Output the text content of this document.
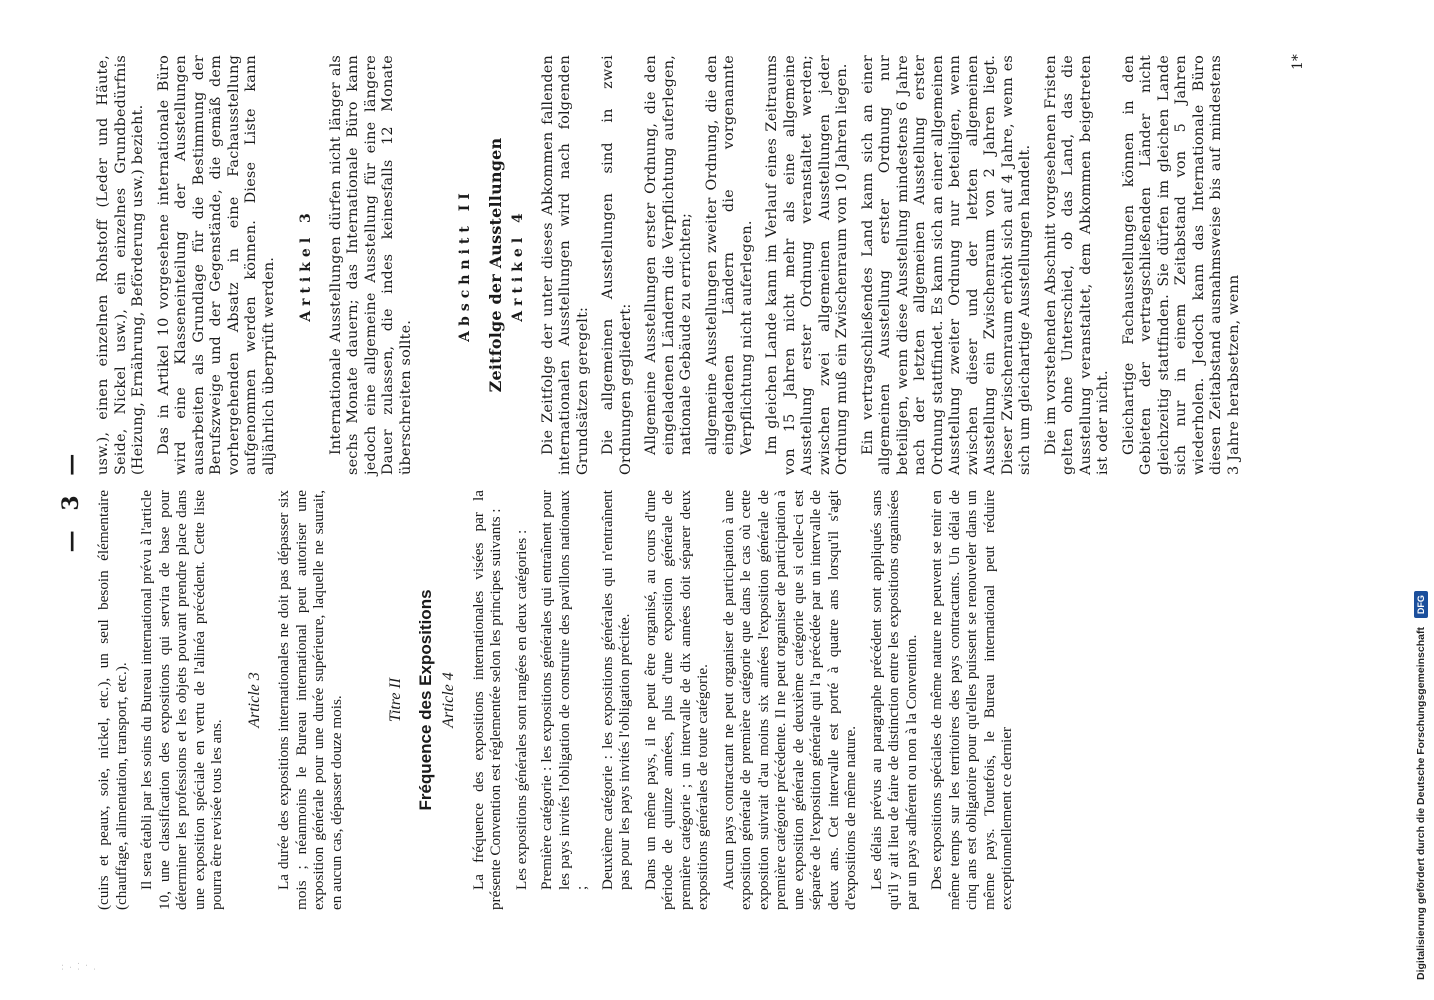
· ·
·
·  ·
·
·
— 3 — (cuirs et peaux, soie, nickel, etc.), un seul besoin élémentaire (chauffage, alimentation, transport, etc.). Il sera établi par les soins du Bureau international prévu à l'article 10, une classification des expositions qui servira de base pour déterminer les professions et les objets pouvant prendre place dans une exposition spéciale en vertu de l'alinéa précédent. Cette liste pourra être revisée tous les ans.

Article 3 La durée des expositions internationales ne doit pas dépasser six mois ; néanmoins le Bureau international peut autoriser une exposition générale pour une durée supérieure, laquelle ne saurait, en aucun cas, dépasser douze mois.	Titre II Fréquence des Expositions Article 4 La fréquence des expositions internationales visées par la présente Convention est réglementée selon les principes suivants : Les expositions générales sont rangées en deux catégories : Première catégorie : les expositions générales qui entraînent pour les pays invités l'obligation de construire des pavillons nationaux ; Deuxième catégorie : les expositions générales qui n'entraînent pas pour les pays invités l'obligation précitée. Dans un même pays, il ne peut être organisé, au cours d'une période de quinze années, plus d'une exposition générale de première catégorie ; un intervalle de dix années doit séparer deux expositions générales de toute catégorie. Aucun pays contractant ne peut organiser de participation à une exposition générale de première catégorie que dans le cas où cette exposition suivrait d'au moins six années l'exposition générale de première catégorie précédente. Il ne peut organiser de participation à une exposition générale de deuxième catégorie que si celle-ci est séparée de l'exposition générale qui l'a précédée par un intervalle de deux ans. Cet intervalle est porté à quatre ans lorsqu'il s'agit d'expositions de même nature. Les délais prévus au paragraphe précédent sont appliqués sans qu'il y ait lieu de faire de distinction entre les expositions organisées par un pays adhérent ou non à la Convention. Des expositions spéciales de même nature ne peuvent se tenir en même temps sur les territoires des pays contractants. Un délai de cinq ans est obligatoire pour qu'elles puissent se renouveler dans un même pays. Toutefois, le Bureau international peut réduire exceptionnellement ce dernier

usw.), einen einzelnen Rohstoff (Leder und Häute, Seide, Nickel usw.), ein einzelnes Grundbedürfnis (Heizung, Ernährung, Beförderung usw.) bezieht. Das in Artikel 10 vorgesehene internationale Büro wird eine Klasseneinteilung der Ausstellungen ausarbeiten als Grundlage für die Bestimmung der Berufszweige und der Gegenstände, die gemäß dem vorhergehenden Absatz in eine Fachausstellung aufgenommen werden können. Diese Liste kann alljährlich überprüft werden. Artikel 3 Internationale Ausstellungen dürfen nicht länger als sechs Monate dauern; das Internationale Büro kann jedoch eine allgemeine Ausstellung für eine längere Dauer zulassen, die indes keinesfalls 12 Monate überschreiten sollte.

Abschnitt II Zeitfolge der Ausstellungen Artikel 4 Die Zeitfolge der unter dieses Abkommen fallenden internationalen Ausstellungen wird nach folgenden Grundsätzen geregelt: Die allgemeinen Ausstellungen sind in zwei Ordnungen gegliedert: Allgemeine Ausstellungen erster Ordnung, die den eingeladenen Ländern die Verpflichtung auferlegen, nationale Gebäude zu errichten; allgemeine Ausstellungen zweiter Ordnung, die den eingeladenen Ländern die vorgenannte Verpflichtung nicht auferlegen. Im gleichen Lande kann im Verlauf eines Zeitraums von 15 Jahren nicht mehr als eine allgemeine Ausstellung erster Ordnung veranstaltet werden; zwischen zwei allgemeinen Ausstellungen jeder Ordnung muß ein Zwischenraum von 10 Jahren liegen. Ein vertragschließendes Land kann sich an einer allgemeinen Ausstellung erster Ordnung nur beteiligen, wenn diese Ausstellung mindestens 6 Jahre nach der letzten allgemeinen Ausstellung erster Ordnung stattfindet. Es kann sich an einer allgemeinen Ausstellung zweiter Ordnung nur beteiligen, wenn zwischen dieser und der letzten allgemeinen Ausstellung ein Zwischenraum von 2 Jahren liegt. Dieser Zwischenraum erhöht sich auf 4 Jahre, wenn es sich um gleichartige Ausstellungen handelt. Die im vorstehenden Abschnitt vorgesehenen Fristen gelten ohne Unterschied, ob das Land, das die Ausstellung veranstaltet, dem Abkommen beigetreten ist oder nicht. Gleichartige Fachausstellungen können in den Gebieten der vertragschließenden Länder nicht gleichzeitig stattfinden. Sie dürfen im gleichen Lande sich nur in einem Zeitabstand von 5 Jahren wiederholen. Jedoch kann das Internationale Büro diesen Zeitabstand ausnahmsweise bis auf mindestens 3 Jahre herabsetzen, wenn

1*
Digitalisierung gefördert durch die Deutsche Forschungsgemeinschaft DFG
